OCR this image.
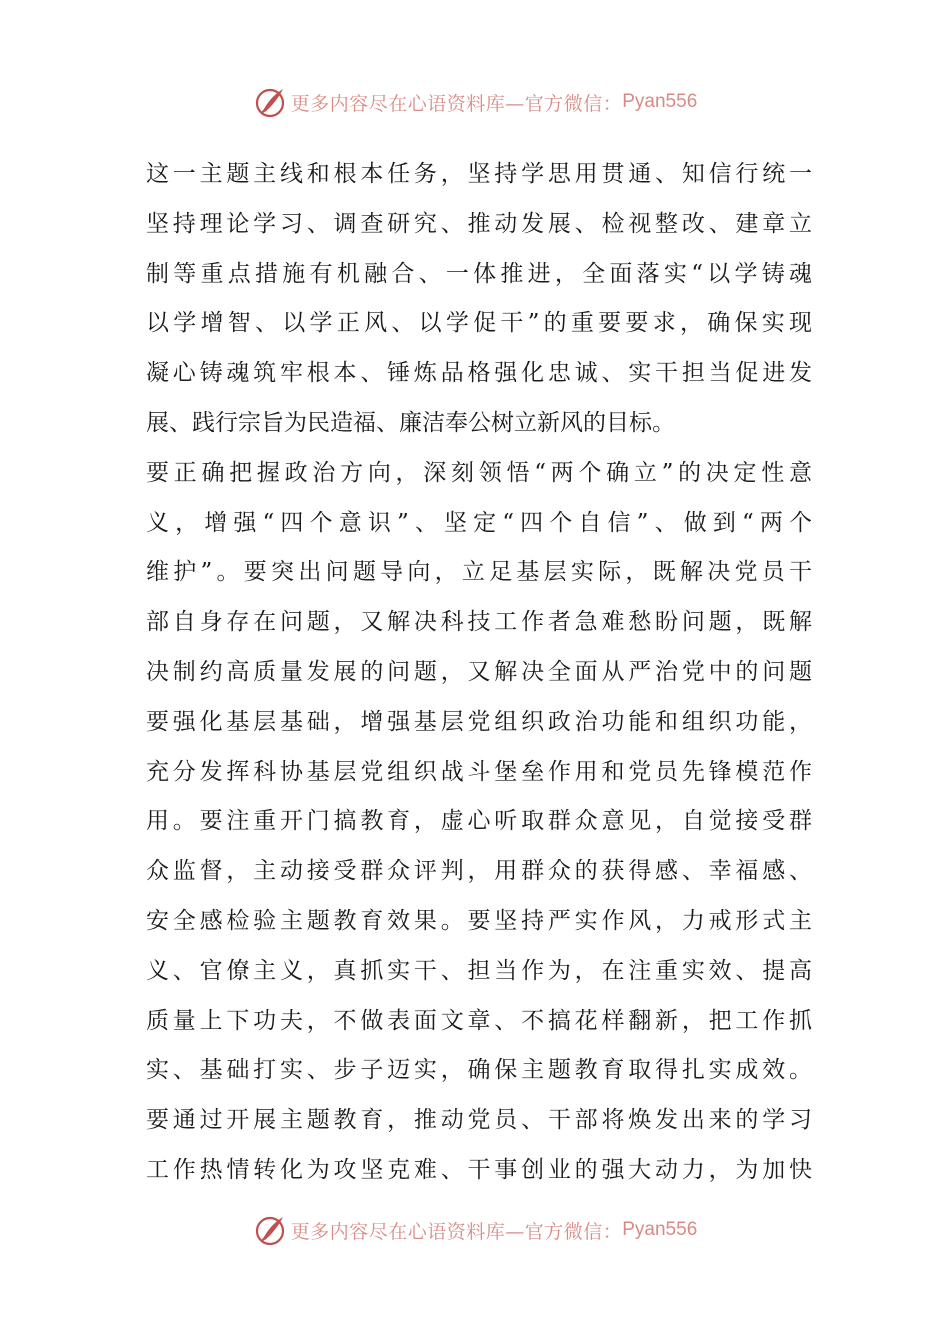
更多内容尽在心语资料库—官方微信： Pyan556
这一主题主线和根本任务，坚持学思用贯通、知信行统一
坚持理论学习、调查研究、推动发展、检视整改、建章立
制等重点措施有机融合、一体推进，全面落实“以学铸魂
以学增智、以学正风、以学促干”的重要要求，确保实现
凝心铸魂筑牢根本、锤炼品格强化忠诚、实干担当促进发
展、践行宗旨为民造福、廉洁奉公树立新风的目标。
要正确把握政治方向，深刻领悟“两个确立”的决定性意
义，增强“四个意识”、坚定“四个自信”、做到“两个
维护”。要突出问题导向，立足基层实际，既解决党员干
部自身存在问题，又解决科技工作者急难愁盼问题，既解
决制约高质量发展的问题，又解决全面从严治党中的问题
要强化基层基础，增强基层党组织政治功能和组织功能，
充分发挥科协基层党组织战斗堡垒作用和党员先锋模范作
用。要注重开门搞教育，虚心听取群众意见，自觉接受群
众监督，主动接受群众评判，用群众的获得感、幸福感、
安全感检验主题教育效果。要坚持严实作风，力戒形式主
义、官僚主义，真抓实干、担当作为，在注重实效、提高
质量上下功夫，不做表面文章、不搞花样翻新，把工作抓
实、基础打实、步子迈实，确保主题教育取得扎实成效。
要通过开展主题教育，推动党员、干部将焕发出来的学习
工作热情转化为攻坚克难、干事创业的强大动力，为加快
更多内容尽在心语资料库—官方微信： Pyan556
